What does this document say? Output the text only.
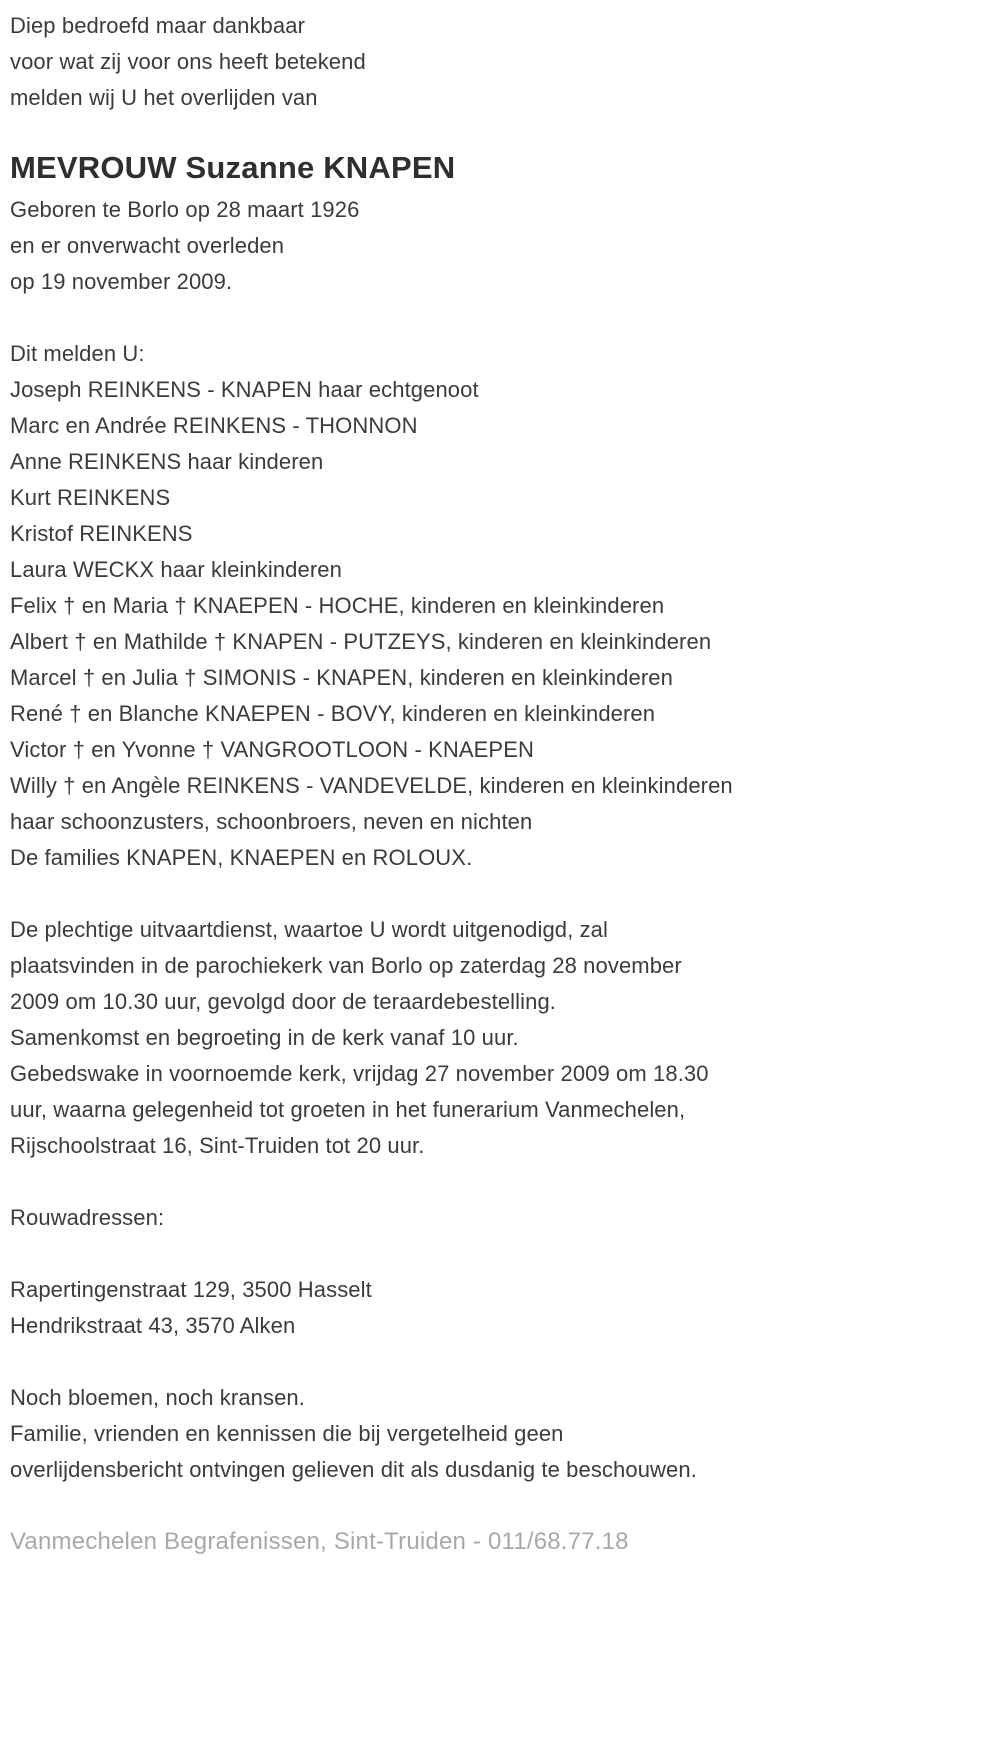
Diep bedroefd maar dankbaar
voor wat zij voor ons heeft betekend
melden wij U het overlijden van
MEVROUW Suzanne KNAPEN
Geboren te Borlo op 28 maart 1926
en er onverwacht overleden
op 19 november 2009.
Dit melden U:
Joseph REINKENS - KNAPEN haar echtgenoot
Marc en Andrée REINKENS - THONNON
Anne REINKENS haar kinderen
Kurt REINKENS
Kristof REINKENS
Laura WECKX haar kleinkinderen
Felix † en Maria † KNAEPEN - HOCHE, kinderen en kleinkinderen
Albert † en Mathilde † KNAPEN - PUTZEYS, kinderen en kleinkinderen
Marcel † en Julia † SIMONIS - KNAPEN, kinderen en kleinkinderen
René † en Blanche KNAEPEN - BOVY, kinderen en kleinkinderen
Victor † en Yvonne † VANGROOTLOON - KNAEPEN
Willy † en Angèle REINKENS - VANDEVELDE, kinderen en kleinkinderen
haar schoonzusters, schoonbroers, neven en nichten
De families KNAPEN, KNAEPEN en ROLOUX.
De plechtige uitvaartdienst, waartoe U wordt uitgenodigd, zal
plaatsvinden in de parochiekerk van Borlo op zaterdag 28 november
2009 om 10.30 uur, gevolgd door de teraardebestelling.
Samenkomst en begroeting in de kerk vanaf 10 uur.
Gebedswake in voornoemde kerk, vrijdag 27 november 2009 om 18.30
uur, waarna gelegenheid tot groeten in het funerarium Vanmechelen,
Rijschoolstraat 16, Sint-Truiden tot 20 uur.
Rouwadressen:
Rapertingenstraat 129, 3500 Hasselt
Hendrikstraat 43, 3570 Alken
Noch bloemen, noch kransen.
Familie, vrienden en kennissen die bij vergetelheid geen
overlijdensbericht ontvingen gelieven dit als dusdanig te beschouwen.
Vanmechelen Begrafenissen, Sint-Truiden - 011/68.77.18
